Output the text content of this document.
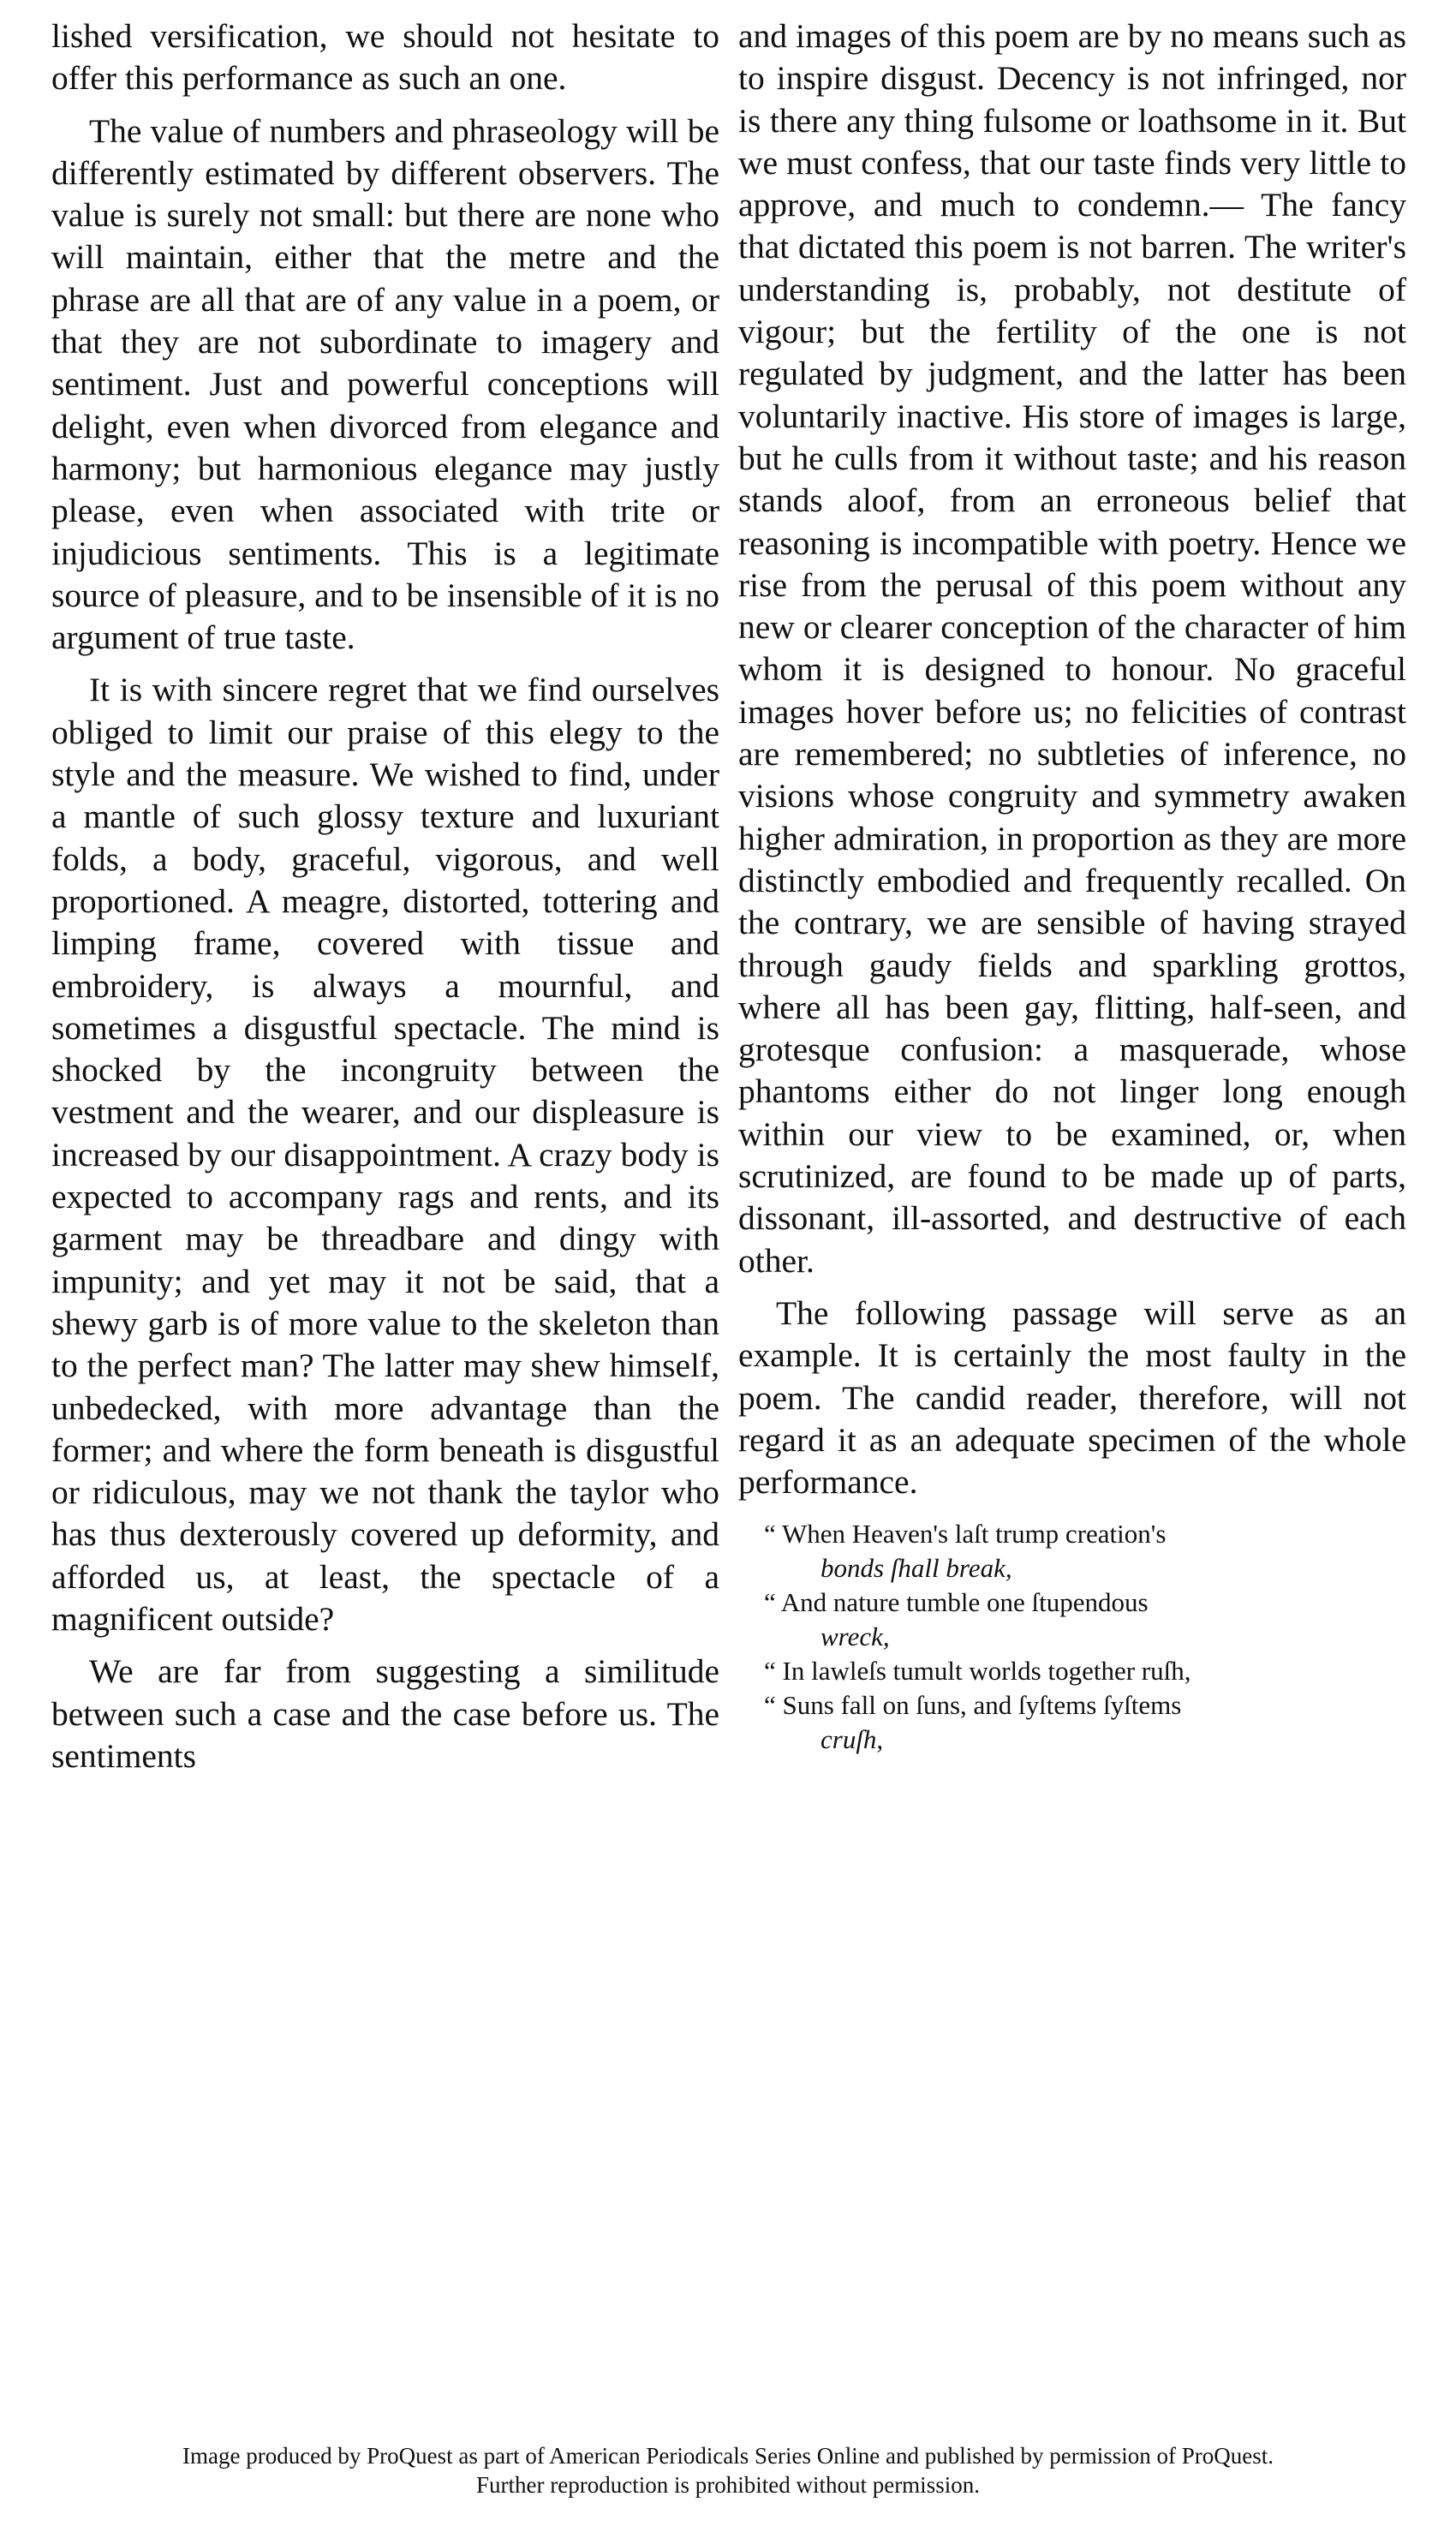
lished versification, we should not hesitate to offer this performance as such an one.

The value of numbers and phraseology will be differently estimated by different observers. The value is surely not small: but there are none who will maintain, either that the metre and the phrase are all that are of any value in a poem, or that they are not subordinate to imagery and sentiment. Just and powerful conceptions will delight, even when divorced from elegance and harmony; but harmonious elegance may justly please, even when associated with trite or injudicious sentiments. This is a legitimate source of pleasure, and to be insensible of it is no argument of true taste.

It is with sincere regret that we find ourselves obliged to limit our praise of this elegy to the style and the measure. We wished to find, under a mantle of such glossy texture and luxuriant folds, a body, graceful, vigorous, and well proportioned. A meagre, distorted, tottering and limping frame, covered with tissue and embroidery, is always a mournful, and sometimes a disgustful spectacle. The mind is shocked by the incongruity between the vestment and the wearer, and our displeasure is increased by our disappointment. A crazy body is expected to accompany rags and rents, and its garment may be threadbare and dingy with impunity; and yet may it not be said, that a shewy garb is of more value to the skeleton than to the perfect man? The latter may shew himself, unbedecked, with more advantage than the former; and where the form beneath is disgustful or ridiculous, may we not thank the taylor who has thus dexterously covered up deformity, and afforded us, at least, the spectacle of a magnificent outside?

We are far from suggesting a similitude between such a case and the case before us. The sentiments

and images of this poem are by no means such as to inspire disgust. Decency is not infringed, nor is there any thing fulsome or loathsome in it. But we must confess, that our taste finds very little to approve, and much to condemn.— The fancy that dictated this poem is not barren. The writer's understanding is, probably, not destitute of vigour; but the fertility of the one is not regulated by judgment, and the latter has been voluntarily inactive. His store of images is large, but he culls from it without taste; and his reason stands aloof, from an erroneous belief that reasoning is incompatible with poetry. Hence we rise from the perusal of this poem without any new or clearer conception of the character of him whom it is designed to honour. No graceful images hover before us; no felicities of contrast are remembered; no subtleties of inference, no visions whose congruity and symmetry awaken higher admiration, in proportion as they are more distinctly embodied and frequently recalled. On the contrary, we are sensible of having strayed through gaudy fields and sparkling grottos, where all has been gay, flitting, half-seen, and grotesque confusion: a masquerade, whose phantoms either do not linger long enough within our view to be examined, or, when scrutinized, are found to be made up of parts, dissonant, ill-assorted, and destructive of each other.

The following passage will serve as an example. It is certainly the most faulty in the poem. The candid reader, therefore, will not regard it as an adequate specimen of the whole performance.

“ When Heaven's laſt trump creation's
bonds ſhall break,
“ And nature tumble one ſtupendous
wreck,
“ In lawleſs tumult worlds together ruſh,
“ Suns fall on ſuns, and ſyſtems ſyſtems
cruſh,
Image produced by ProQuest as part of American Periodicals Series Online and published by permission of ProQuest.
Further reproduction is prohibited without permission.
